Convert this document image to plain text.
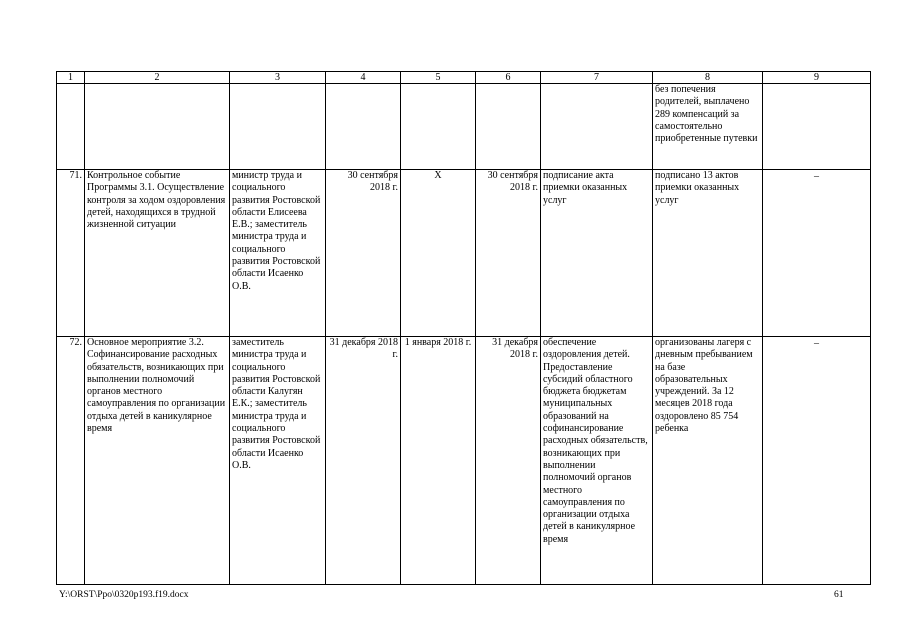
1	2	3	4	5	6	7	8	9
							без попечения родителей, выплачено 289 компенсаций за самостоятельно приобретенные путевки	
71.	Контрольное событие Программы 3.1. Осуществление контроля за ходом оздоровления детей, находящихся в трудной жизненной ситуации	министр труда и социального развития Ростовской области Елисеева Е.В.; заместитель министра труда и социального развития Ростовской области Исаенко О.В.	30 сентября 2018 г.	X	30 сентября 2018 г.	подписание акта приемки оказанных услуг	подписано 13 актов приемки оказанных услуг	–

72.	Основное мероприятие 3.2. Софинансирование расходных обязательств, возникающих при выполнении полномочий органов местного самоуправления по организации отдыха детей в каникулярное время	заместитель министра труда и социального развития Ростовской области Калугян Е.К.; заместитель министра труда и социального развития Ростовской области Исаенко О.В.	31 декабря 2018 г.	1 января 2018 г.	31 декабря 2018 г.	обеспечение оздоровления детей. Предоставление субсидий областного бюджета бюджетам муниципальных образований на софинансирование расходных обязательств, возникающих при выполнении полномочий органов местного самоуправления по организации отдыха детей в каникулярное время	организованы лагеря с дневным пребыванием на базе образовательных учреждений. За 12 месяцев 2018 года оздоровлено 85 754 ребенка	–
Y:\ORST\Ppo\0320p193.f19.docx	61
